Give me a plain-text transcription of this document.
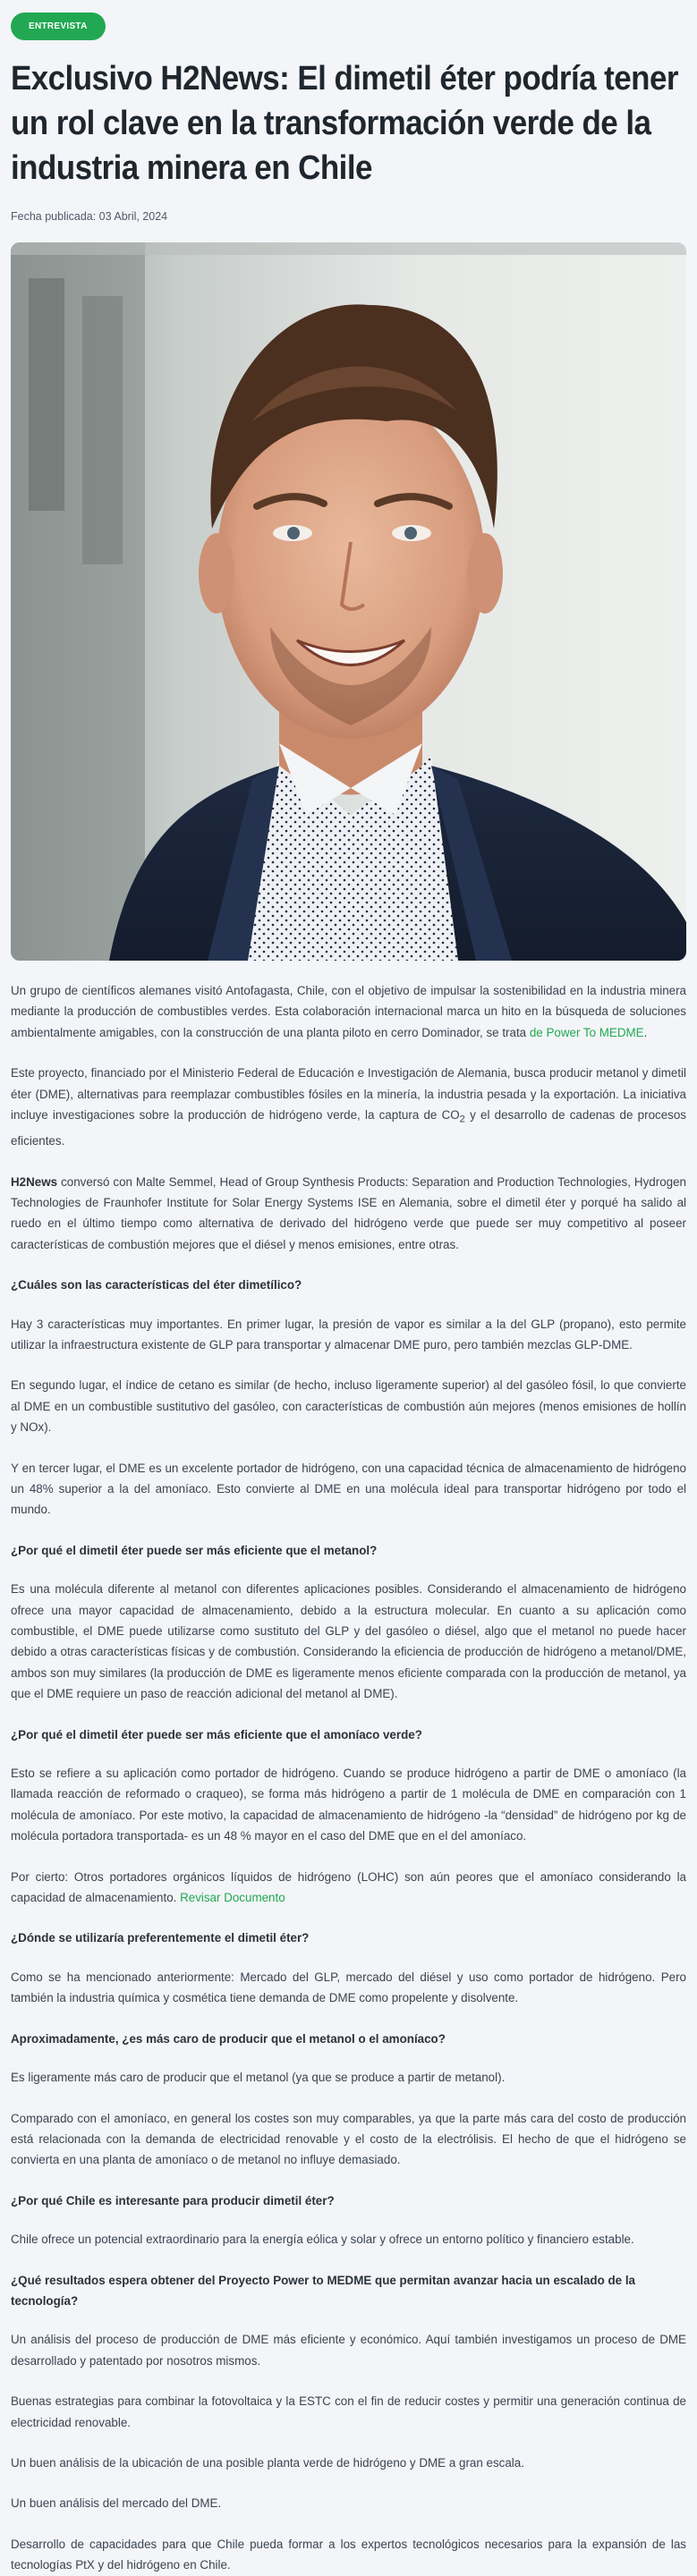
ENTREVISTA
Exclusivo H2News: El dimetil éter podría tener un rol clave en la transformación verde de la industria minera en Chile
Fecha publicada: 03 Abril, 2024

Un grupo de científicos alemanes visitó Antofagasta, Chile, con el objetivo de impulsar la sostenibilidad en la industria minera mediante la producción de combustibles verdes. Esta colaboración internacional marca un hito en la búsqueda de soluciones ambientalmente amigables, con la construcción de una planta piloto en cerro Dominador, se trata de Power To MEDME.

Este proyecto, financiado por el Ministerio Federal de Educación e Investigación de Alemania, busca producir metanol y dimetil éter (DME), alternativas para reemplazar combustibles fósiles en la minería, la industria pesada y la exportación. La iniciativa incluye investigaciones sobre la producción de hidrógeno verde, la captura de $CO_2$ y el desarrollo de cadenas de procesos eficientes.

H2News conversó con Malte Semmel, Head of Group Synthesis Products: Separation and Production Technologies, Hydrogen Technologies de Fraunhofer Institute for Solar Energy Systems ISE en Alemania, sobre el dimetil éter y porqué ha salido al ruedo en el último tiempo como alternativa de derivado del hidrógeno verde que puede ser muy competitivo al poseer características de combustión mejores que el diésel y menos emisiones, entre otras.

¿Cuáles son las características del éter dimetílico?

Hay 3 características muy importantes. En primer lugar, la presión de vapor es similar a la del GLP (propano), esto permite utilizar la infraestructura existente de GLP para transportar y almacenar DME puro, pero también mezclas GLP-DME.

En segundo lugar, el índice de cetano es similar (de hecho, incluso ligeramente superior) al del gasóleo fósil, lo que convierte al DME en un combustible sustitutivo del gasóleo, con características de combustión aún mejores (menos emisiones de hollín y NOx).

Y en tercer lugar, el DME es un excelente portador de hidrógeno, con una capacidad técnica de almacenamiento de hidrógeno un 48% superior a la del amoníaco. Esto convierte al DME en una molécula ideal para transportar hidrógeno por todo el mundo.

¿Por qué el dimetil éter puede ser más eficiente que el metanol?

Es una molécula diferente al metanol con diferentes aplicaciones posibles. Considerando el almacenamiento de hidrógeno ofrece una mayor capacidad de almacenamiento, debido a la estructura molecular. En cuanto a su aplicación como combustible, el DME puede utilizarse como sustituto del GLP y del gasóleo o diésel, algo que el metanol no puede hacer debido a otras características físicas y de combustión. Considerando la eficiencia de producción de hidrógeno a metanol/DME, ambos son muy similares (la producción de DME es ligeramente menos eficiente comparada con la producción de metanol, ya que el DME requiere un paso de reacción adicional del metanol al DME).

¿Por qué el dimetil éter puede ser más eficiente que el amoníaco verde?

Esto se refiere a su aplicación como portador de hidrógeno. Cuando se produce hidrógeno a partir de DME o amoníaco (la llamada reacción de reformado o craqueo), se forma más hidrógeno a partir de 1 molécula de DME en comparación con 1 molécula de amoníaco. Por este motivo, la capacidad de almacenamiento de hidrógeno -la “densidad” de hidrógeno por kg de molécula portadora transportada- es un 48 % mayor en el caso del DME que en el del amoníaco.

Por cierto: Otros portadores orgánicos líquidos de hidrógeno (LOHC) son aún peores que el amoníaco considerando la capacidad de almacenamiento. Revisar Documento

¿Dónde se utilizaría preferentemente el dimetil éter?

Como se ha mencionado anteriormente: Mercado del GLP, mercado del diésel y uso como portador de hidrógeno. Pero también la industria química y cosmética tiene demanda de DME como propelente y disolvente.

Aproximadamente, ¿es más caro de producir que el metanol o el amoníaco?

Es ligeramente más caro de producir que el metanol (ya que se produce a partir de metanol).

Comparado con el amoníaco, en general los costes son muy comparables, ya que la parte más cara del costo de producción está relacionada con la demanda de electricidad renovable y el costo de la electrólisis. El hecho de que el hidrógeno se convierta en una planta de amoníaco o de metanol no influye demasiado.

¿Por qué Chile es interesante para producir dimetil éter?

Chile ofrece un potencial extraordinario para la energía eólica y solar y ofrece un entorno político y financiero estable.

¿Qué resultados espera obtener del Proyecto Power to MEDME que permitan avanzar hacia un escalado de la tecnología?

Un análisis del proceso de producción de DME más eficiente y económico. Aquí también investigamos un proceso de DME desarrollado y patentado por nosotros mismos.

Buenas estrategias para combinar la fotovoltaica y la ESTC con el fin de reducir costes y permitir una generación continua de electricidad renovable.

Un buen análisis de la ubicación de una posible planta verde de hidrógeno y DME a gran escala.

Un buen análisis del mercado del DME.

Desarrollo de capacidades para que Chile pueda formar a los expertos tecnológicos necesarios para la expansión de las tecnologías PtX y del hidrógeno en Chile.
